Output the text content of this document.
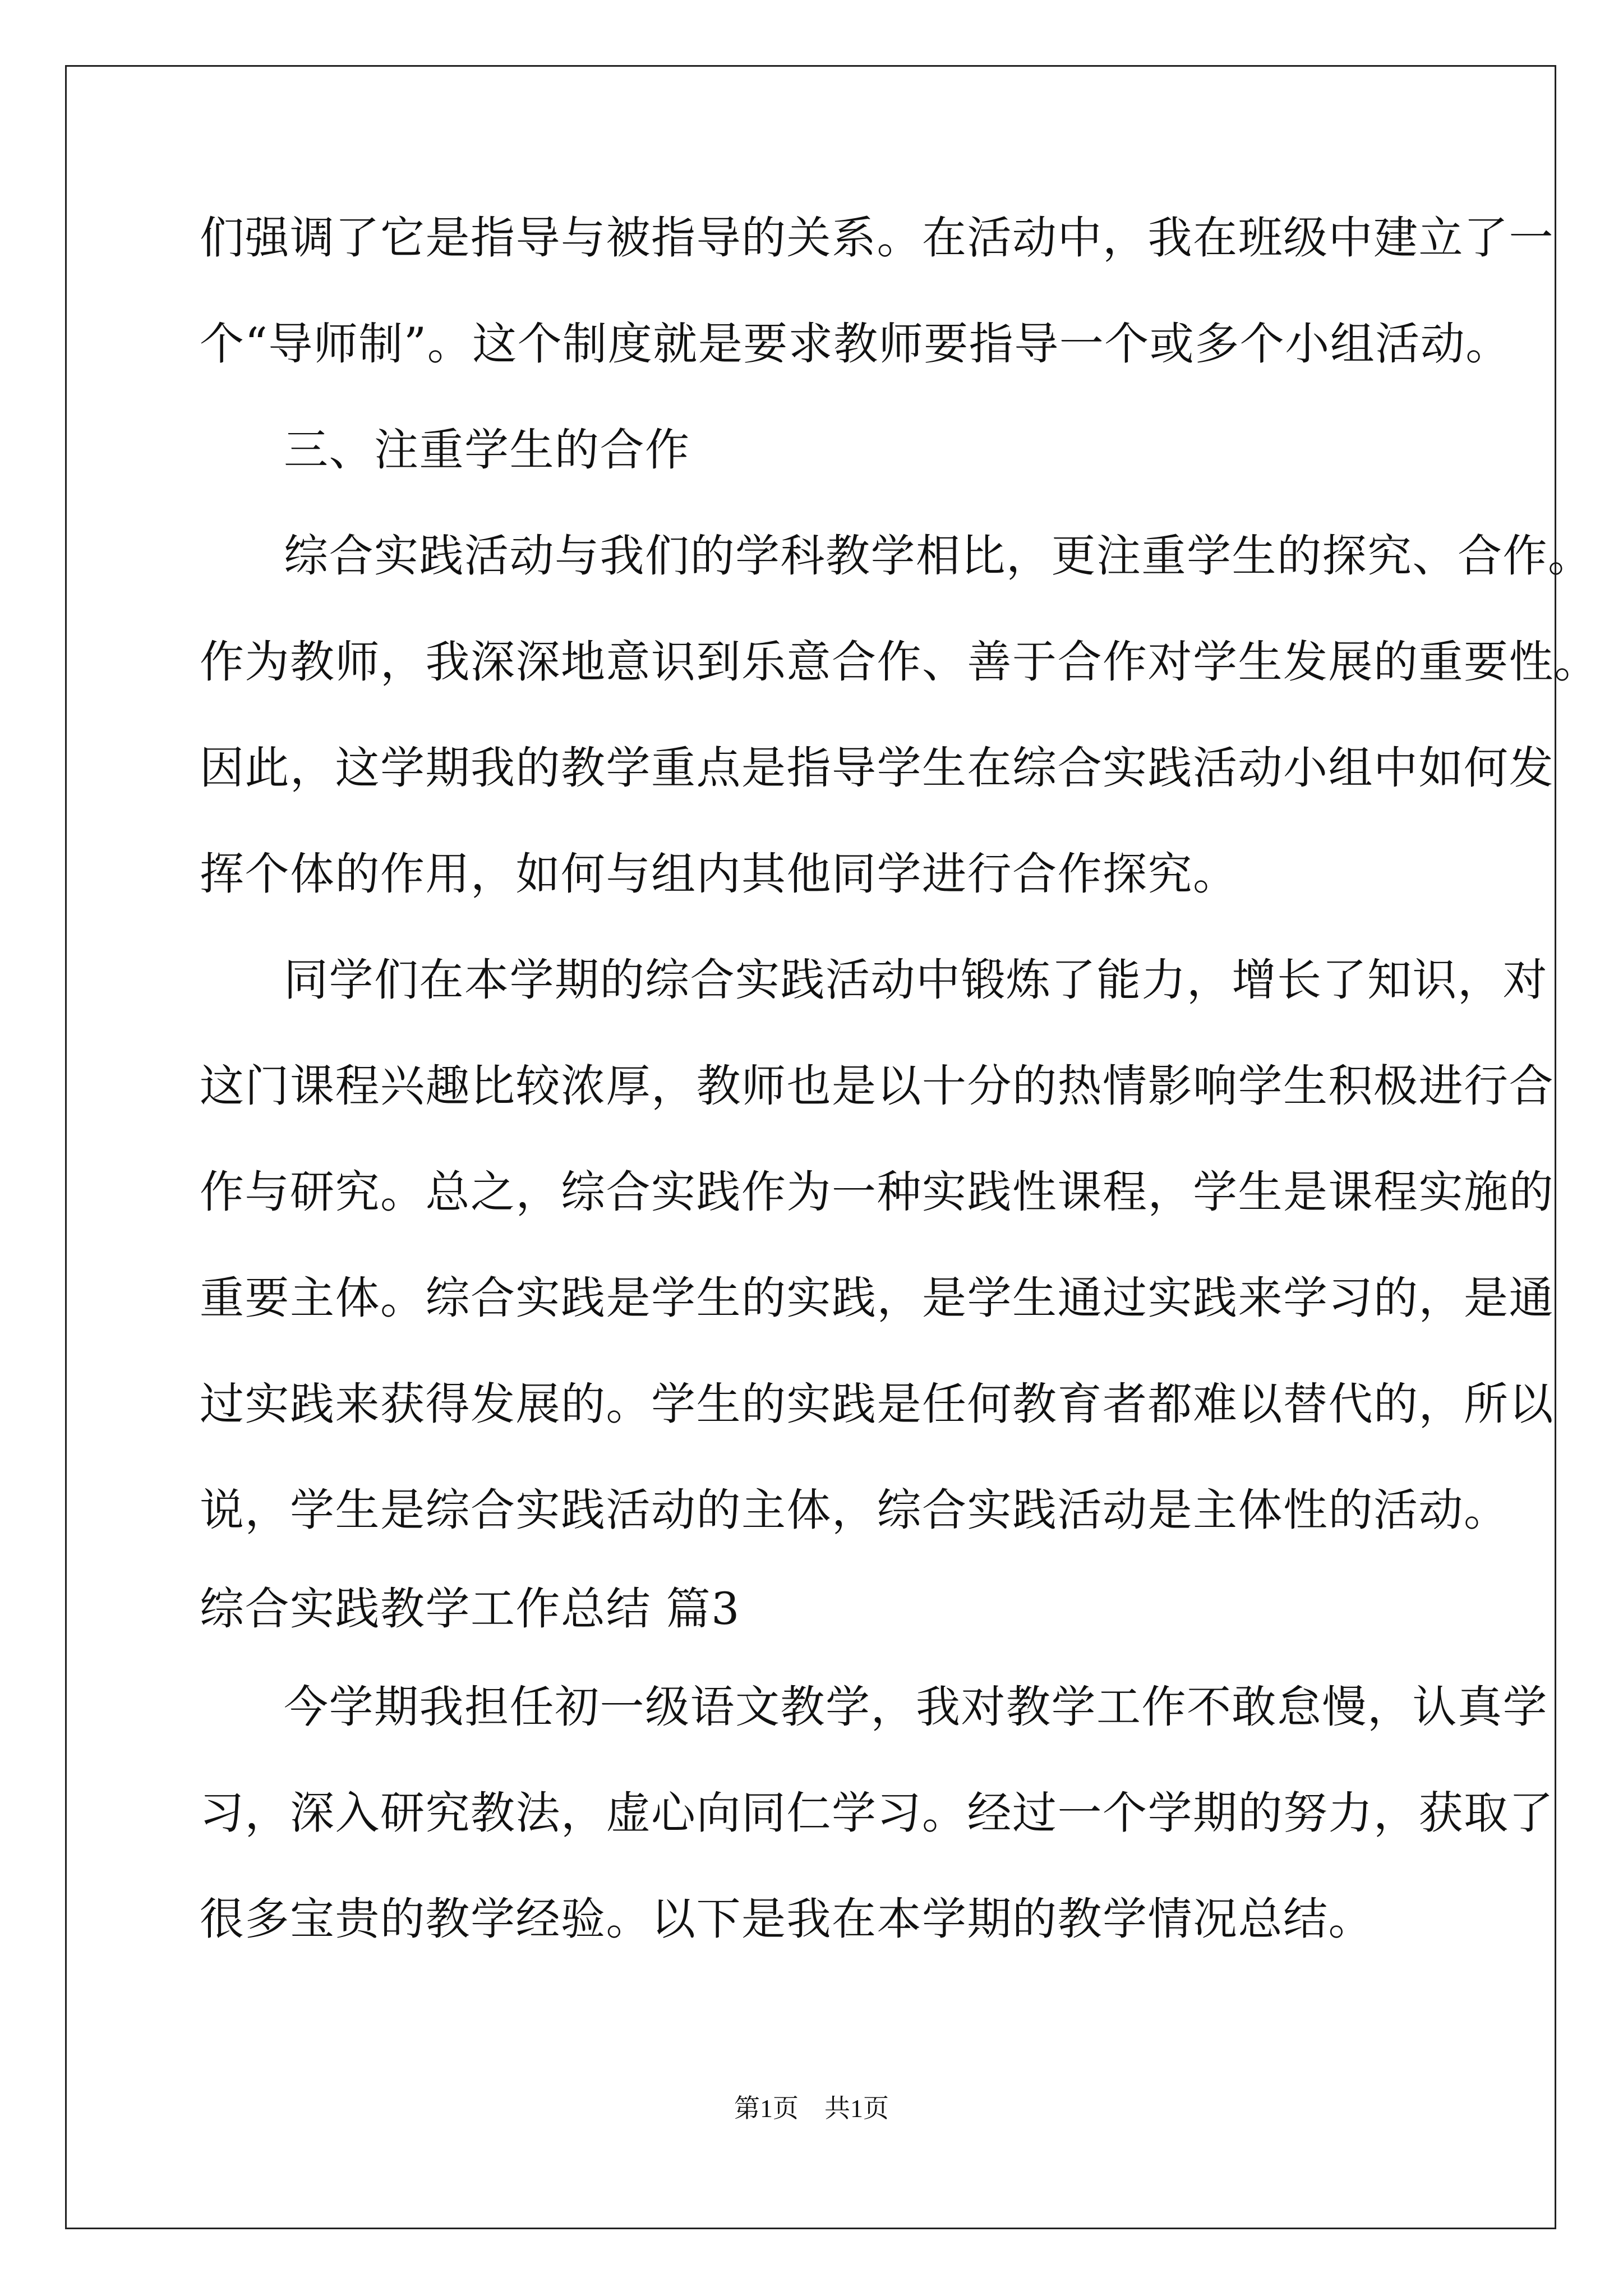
们强调了它是指导与被指导的关系。在活动中，我在班级中建立了一
个“导师制”。这个制度就是要求教师要指导一个或多个小组活动。
三、注重学生的合作
综合实践活动与我们的学科教学相比，更注重学生的探究、合作。
作为教师，我深深地意识到乐意合作、善于合作对学生发展的重要性。
因此，这学期我的教学重点是指导学生在综合实践活动小组中如何发
挥个体的作用，如何与组内其他同学进行合作探究。
同学们在本学期的综合实践活动中锻炼了能力，增长了知识，对
这门课程兴趣比较浓厚，教师也是以十分的热情影响学生积极进行合
作与研究。总之，综合实践作为一种实践性课程，学生是课程实施的
重要主体。综合实践是学生的实践，是学生通过实践来学习的，是通
过实践来获得发展的。学生的实践是任何教育者都难以替代的，所以
说，学生是综合实践活动的主体，综合实践活动是主体性的活动。
综合实践教学工作总结 篇3
今学期我担任初一级语文教学，我对教学工作不敢怠慢，认真学
习，深入研究教法，虚心向同仁学习。经过一个学期的努力，获取了
很多宝贵的教学经验。以下是我在本学期的教学情况总结。
第1页　共1页
